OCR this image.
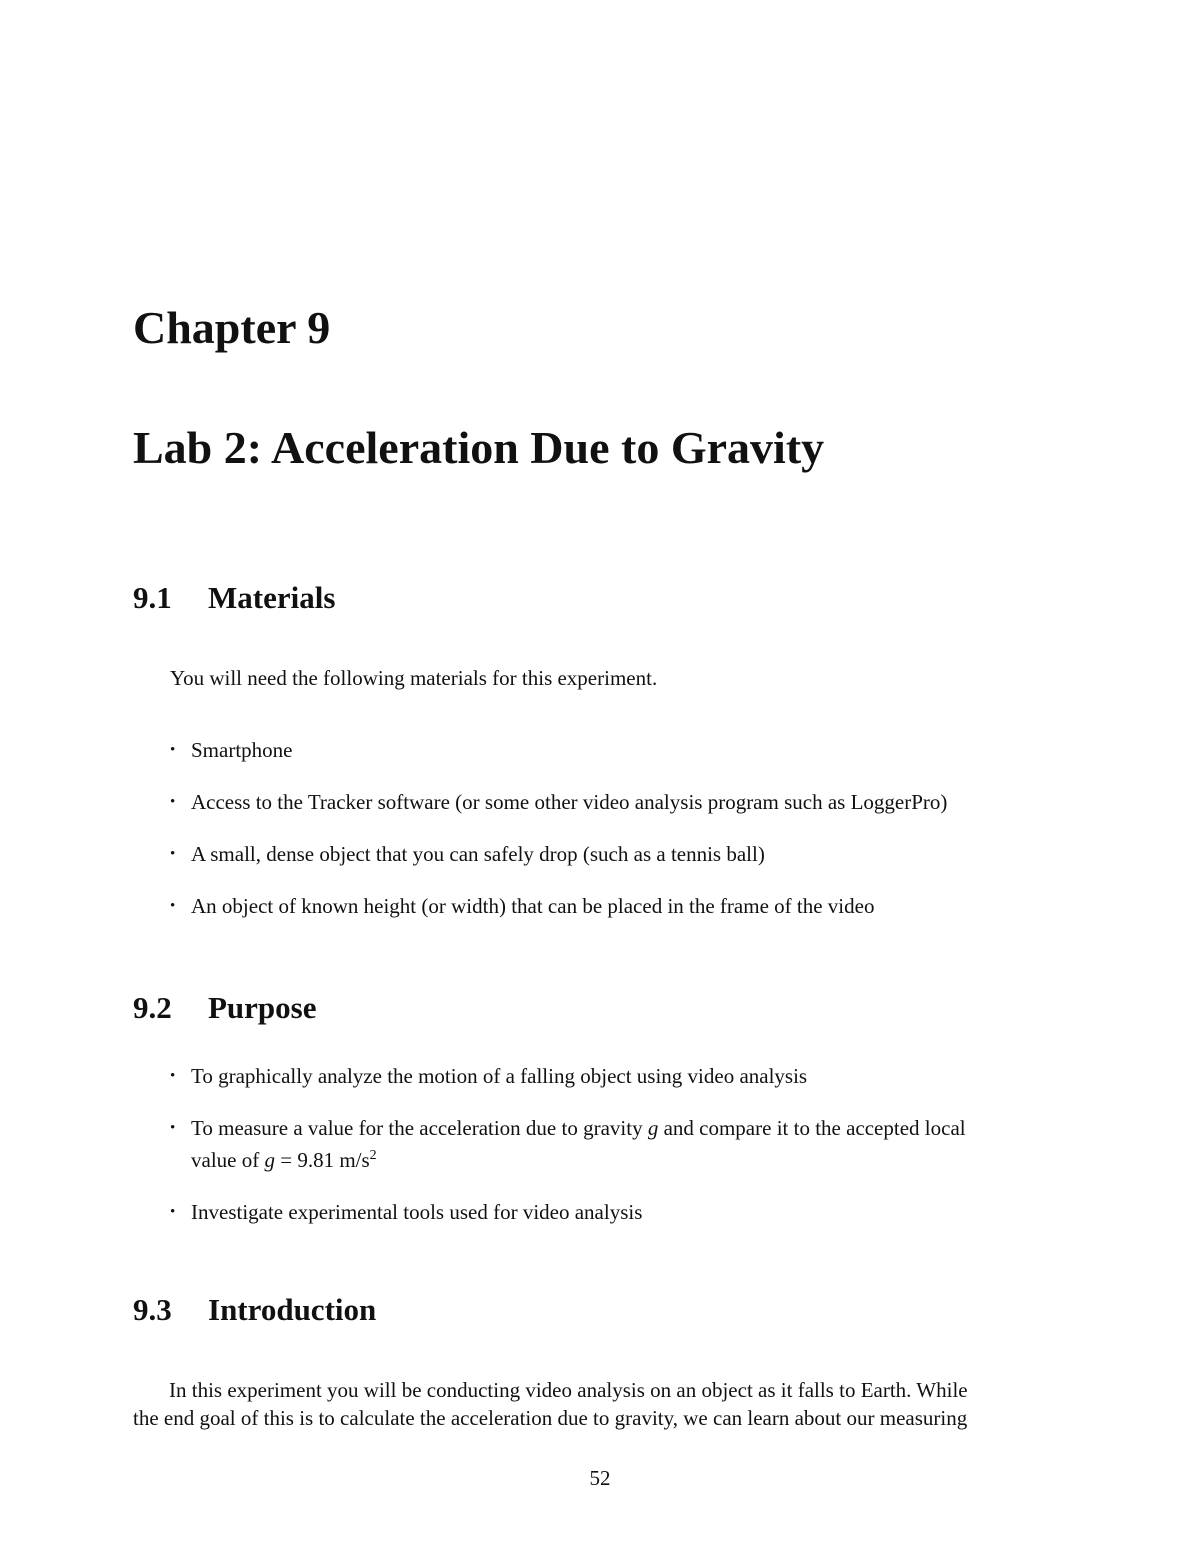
Chapter 9
Lab 2: Acceleration Due to Gravity
9.1 Materials
You will need the following materials for this experiment.
• Smartphone
• Access to the Tracker software (or some other video analysis program such as LoggerPro)
• A small, dense object that you can safely drop (such as a tennis ball)
• An object of known height (or width) that can be placed in the frame of the video
9.2 Purpose
• To graphically analyze the motion of a falling object using video analysis
• To measure a value for the acceleration due to gravity g and compare it to the accepted local
value of g = 9.81 $m/s^2$
• Investigate experimental tools used for video analysis
9.3 Introduction
In this experiment you will be conducting video analysis on an object as it falls to Earth. While
the end goal of this is to calculate the acceleration due to gravity, we can learn about our measuring
52
